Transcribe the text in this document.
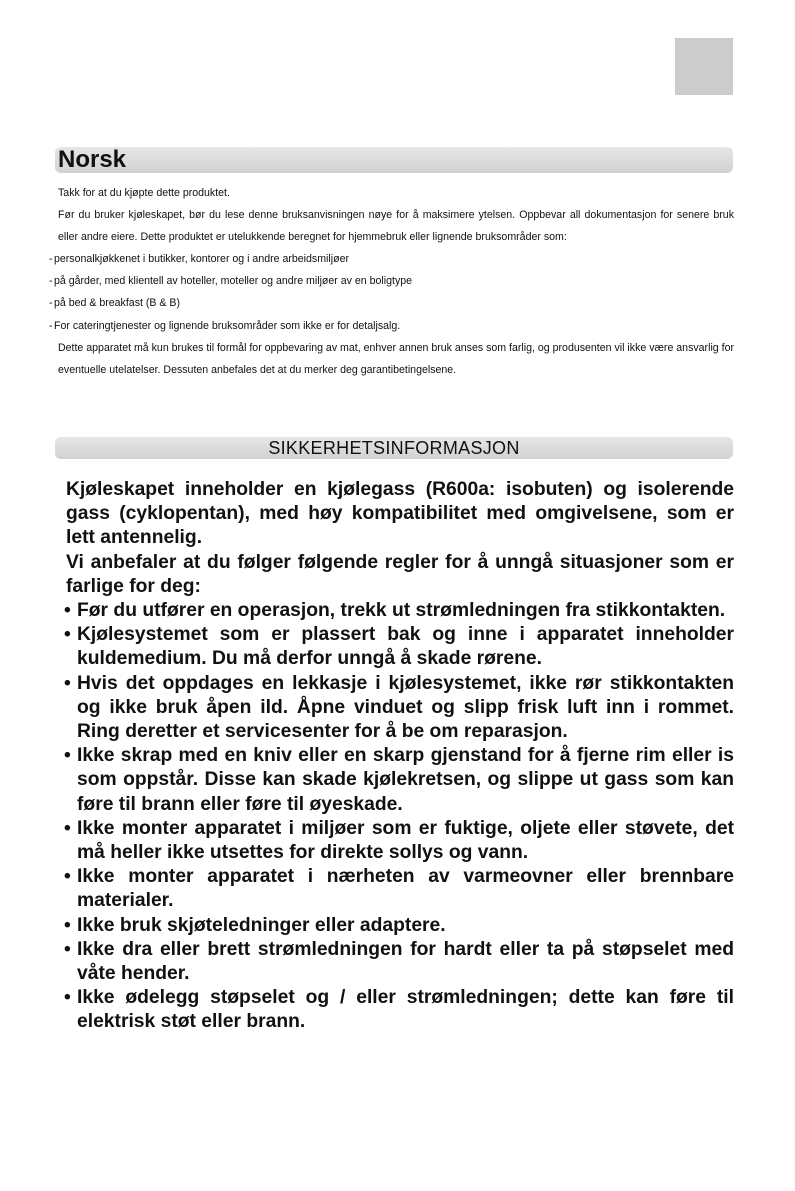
Norsk

Takk for at du kjøpte dette produktet.

Før du bruker kjøleskapet, bør du lese denne bruksanvisningen nøye for å maksimere ytelsen. Oppbevar all dokumentasjon for senere bruk eller andre eiere. Dette produktet er utelukkende beregnet for hjemmebruk eller lignende bruksområder som:

-personalkjøkkenet i butikker, kontorer og i andre arbeidsmiljøer
-på gårder, med klientell av hoteller, moteller og andre miljøer av en boligtype
-på bed & breakfast (B & B)
-For cateringtjenester og lignende bruksområder som ikke er for detaljsalg.

Dette apparatet må kun brukes til formål for oppbevaring av mat, enhver annen bruk anses som farlig, og produsenten vil ikke være ansvarlig for eventuelle utelatelser. Dessuten anbefales det at du merker deg garantibetingelsene.

SIKKERHETSINFORMASJON

Kjøleskapet inneholder en kjølegass (R600a: isobuten) og isolerende gass (cyklopentan), med høy kompatibilitet med omgivelsene, som er lett antennelig.

Vi anbefaler at du følger følgende regler for å unngå situasjoner som er farlige for deg:

• Før du utfører en operasjon, trekk ut strømledningen fra stikkontakten.
• Kjølesystemet som er plassert bak og inne i apparatet inneholder kuldemedium. Du må derfor unngå å skade rørene.
• Hvis det oppdages en lekkasje i kjølesystemet, ikke rør stikkontakten og ikke bruk åpen ild. Åpne vinduet og slipp frisk luft inn i rommet. Ring deretter et servicesenter for å be om reparasjon.
• Ikke skrap med en kniv eller en skarp gjenstand for å fjerne rim eller is som oppstår. Disse kan skade kjølekretsen, og slippe ut gass som kan føre til brann eller føre til øyeskade.
• Ikke monter apparatet i miljøer som er fuktige, oljete eller støvete, det må heller ikke utsettes for direkte sollys og vann.
• Ikke monter apparatet i nærheten av varmeovner eller brennbare materialer.
• Ikke bruk skjøteledninger eller adaptere.
• Ikke dra eller brett strømledningen for hardt eller ta på støpselet med våte hender.
• Ikke ødelegg støpselet og / eller strømledningen; dette kan føre til elektrisk støt eller brann.
